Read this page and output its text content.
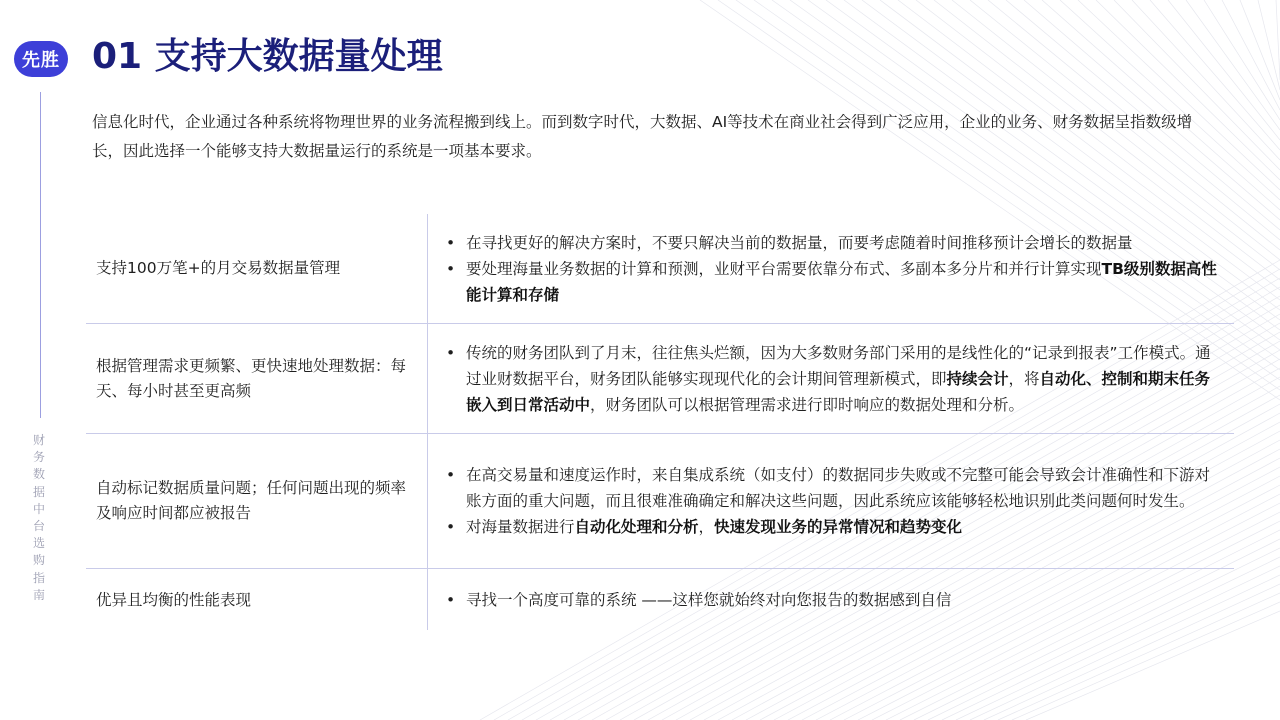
先胜
财务数据中台选购指南
01 支持大数据量处理

信息化时代，企业通过各种系统将物理世界的业务流程搬到线上。而到数字时代，大数据、AI等技术在商业社会得到广泛应用，企业的业务、财务数据呈指数级增长，因此选择一个能够支持大数据量运行的系统是一项基本要求。

支持100万笔+的月交易数据量管理
• 在寻找更好的解决方案时，不要只解决当前的数据量，而要考虑随着时间推移预计会增长的数据量
• 要处理海量业务数据的计算和预测，业财平台需要依靠分布式、多副本多分片和并行计算实现TB级别数据高性能计算和存储
根据管理需求更频繁、更快速地处理数据：每天、每小时甚至更高频
• 传统的财务团队到了月末，往往焦头烂额，因为大多数财务部门采用的是线性化的“记录到报表”工作模式。通过业财数据平台，财务团队能够实现现代化的会计期间管理新模式，即持续会计，将自动化、控制和期末任务嵌入到日常活动中，财务团队可以根据管理需求进行即时响应的数据处理和分析。
自动标记数据质量问题；任何问题出现的频率及响应时间都应被报告
• 在高交易量和速度运作时，来自集成系统（如支付）的数据同步失败或不完整可能会导致会计准确性和下游对账方面的重大问题，而且很难准确确定和解决这些问题，因此系统应该能够轻松地识别此类问题何时发生。
• 对海量数据进行自动化处理和分析，快速发现业务的异常情况和趋势变化
优异且均衡的性能表现
•	寻找一个高度可靠的系统 ——这样您就始终对向您报告的数据感到自信
